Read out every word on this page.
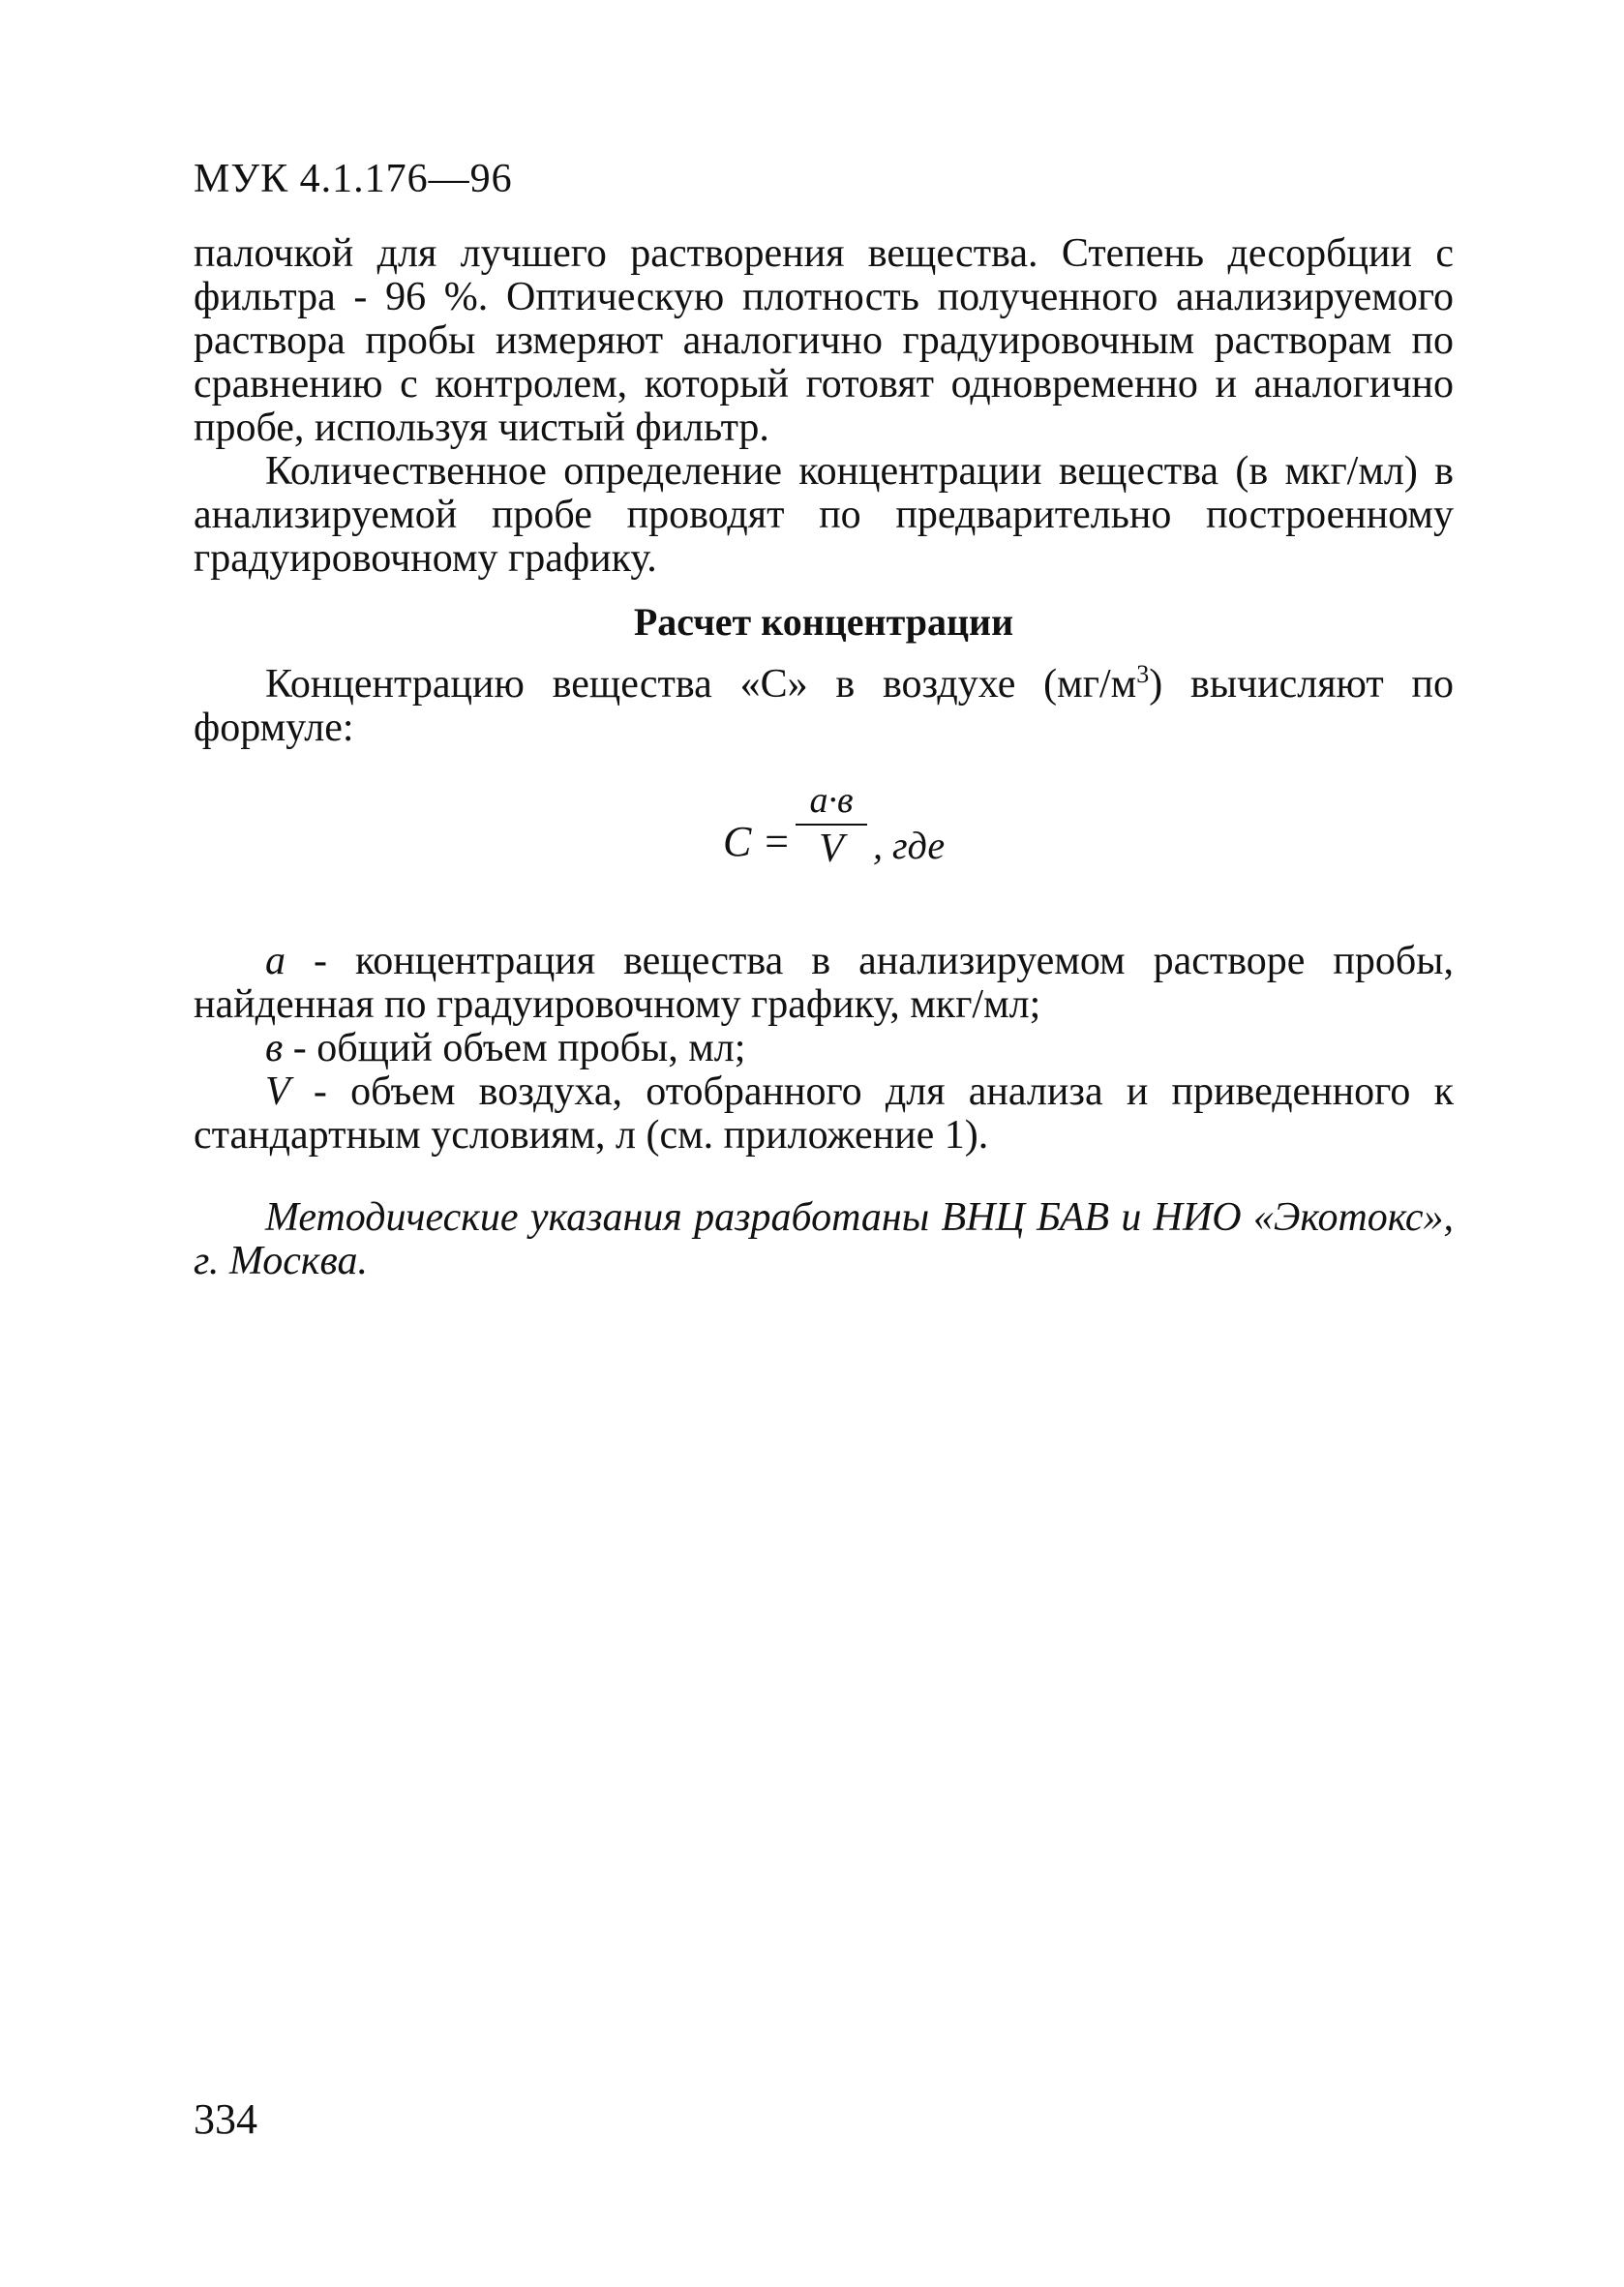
МУК 4.1.176—96

палочкой для лучшего растворения вещества. Степень десорбции с фильтра - 96 %. Оптическую плотность полученного анализируемого раствора пробы измеряют аналогично градуировочным растворам по сравнению с контролем, который готовят одновременно и аналогично пробе, используя чистый фильтр.

Количественное определение концентрации вещества (в мкг/мл) в анализируемой пробе проводят по предварительно построенному градуировочному графику.

Расчет концентрации

Концентрацию вещества «С» в воздухе $(мг/м^3)$ вычисляют по формуле:

C =
a·в
V , где

a - концентрация вещества в анализируемом растворе пробы, найденная по градуировочному графику, мкг/мл;

в - общий объем пробы, мл;

V - объем воздуха, отобранного для анализа и приведенного к стандартным условиям, л (см. приложение 1).

Методические указания разработаны ВНЦ БАВ и НИО «Экотокс», г. Москва.

334
